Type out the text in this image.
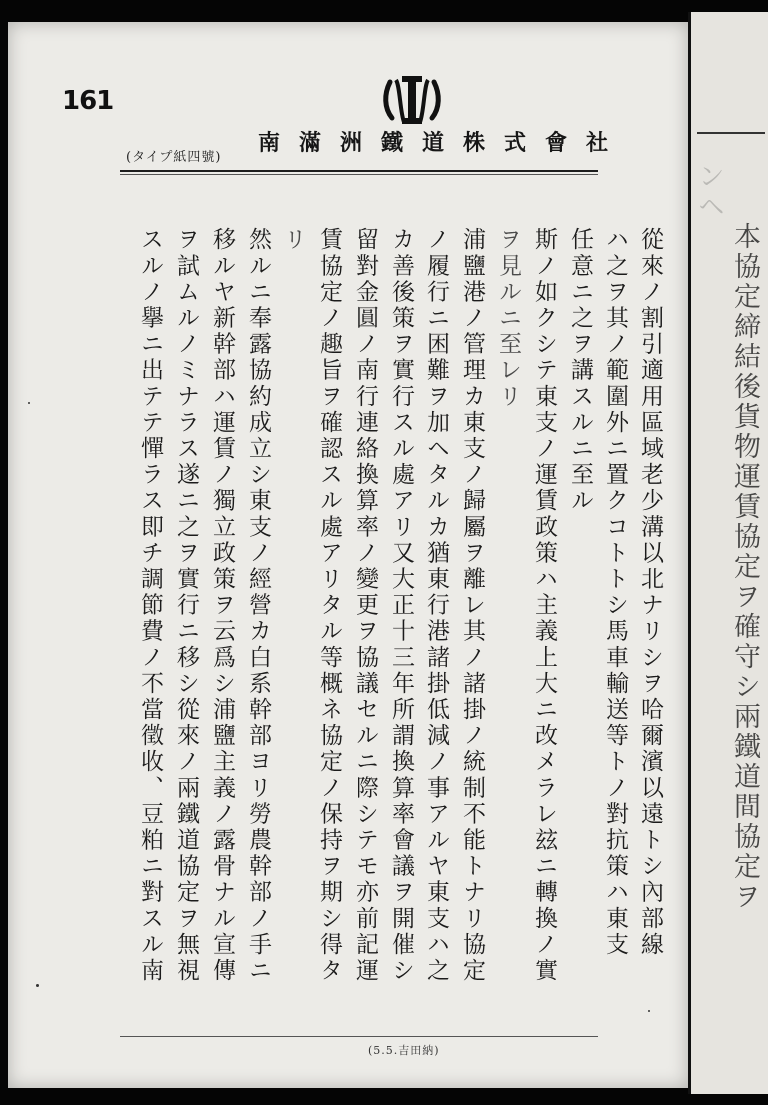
本協定締結後貨物運賃協定ヲ確守シ兩鐵道間協定ヲ
ンヘ
161
南滿洲鐵道株式會社
(タイプ紙四號)
從來ノ割引適用區域老少溝以北ナリシヲ哈爾濱以遠トシ內部線
ハ之ヲ其ノ範圍外ニ置クコトトシ馬車輸送等トノ對抗策ハ東支
任意ニ之ヲ講スルニ至ル
斯ノ如クシテ東支ノ運賃政策ハ主義上大ニ改メラレ玆ニ轉換ノ實
ヲ見ルニ至レリ
浦鹽港ノ管理カ東支ノ歸屬ヲ離レ其ノ諸掛ノ統制不能トナリ協定
ノ履行ニ困難ヲ加ヘタルカ猶東行港諸掛低減ノ事アルヤ東支ハ之
カ善後策ヲ實行スル處アリ又大正十三年所謂換算率會議ヲ開催シ
留對金圓ノ南行連絡換算率ノ變更ヲ協議セルニ際シテモ亦前記運
賃協定ノ趣旨ヲ確認スル處アリタル等概ネ協定ノ保持ヲ期シ得タ
リ
然ルニ奉露協約成立シ東支ノ經營カ白系幹部ヨリ勞農幹部ノ手ニ
移ルヤ新幹部ハ運賃ノ獨立政策ヲ云爲シ浦鹽主義ノ露骨ナル宣傳
ヲ試ムルノミナラス遂ニ之ヲ實行ニ移シ從來ノ兩鐵道協定ヲ無視
スルノ擧ニ出テテ憚ラス即チ調節費ノ不當徵收、豆粕ニ對スル南
(5.5.吉田納)
